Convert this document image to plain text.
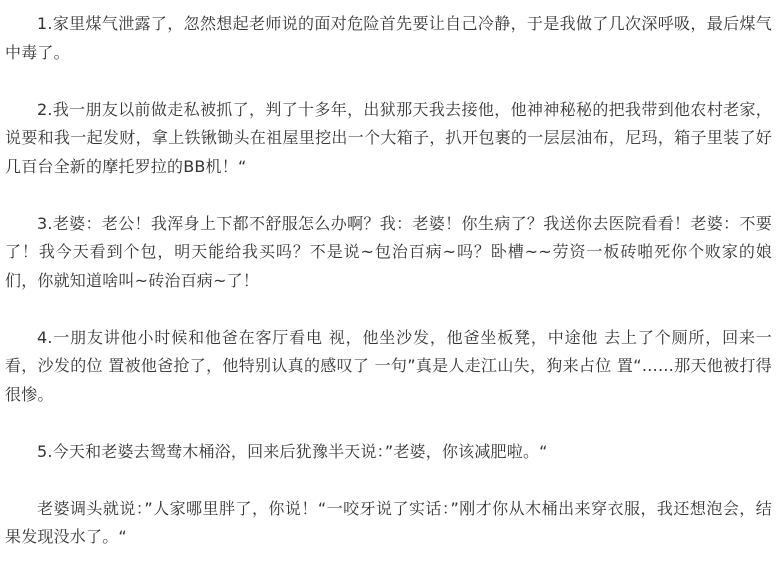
1.家里煤气泄露了，忽然想起老师说的面对危险首先要让自己冷静，于是我做了几次深呼吸，最后煤气中毒了。

2.我一朋友以前做走私被抓了，判了十多年，出狱那天我去接他，他神神秘秘的把我带到他农村老家，说要和我一起发财，拿上铁锹锄头在祖屋里挖出一个大箱子，扒开包裹的一层层油布，尼玛，箱子里装了好几百台全新的摩托罗拉的BB机！“

3.老婆：老公！我浑身上下都不舒服怎么办啊？我：老婆！你生病了？我送你去医院看看！老婆：不要了！我今天看到个包，明天能给我买吗？不是说~包治百病~吗？卧槽~~劳资一板砖啪死你个败家的娘们，你就知道啥叫~砖治百病~了！

4.一朋友讲他小时候和他爸在客厅看电 视，他坐沙发，他爸坐板凳，中途他 去上了个厕所，回来一看，沙发的位 置被他爸抢了，他特别认真的感叹了 一句”真是人走江山失，狗来占位 置“……那天他被打得很惨。

5.今天和老婆去鸳鸯木桶浴，回来后犹豫半天说：”老婆，你该减肥啦。“

老婆调头就说：”人家哪里胖了，你说！“一咬牙说了实话：”刚才你从木桶出来穿衣服，我还想泡会，结果发现没水了。“
